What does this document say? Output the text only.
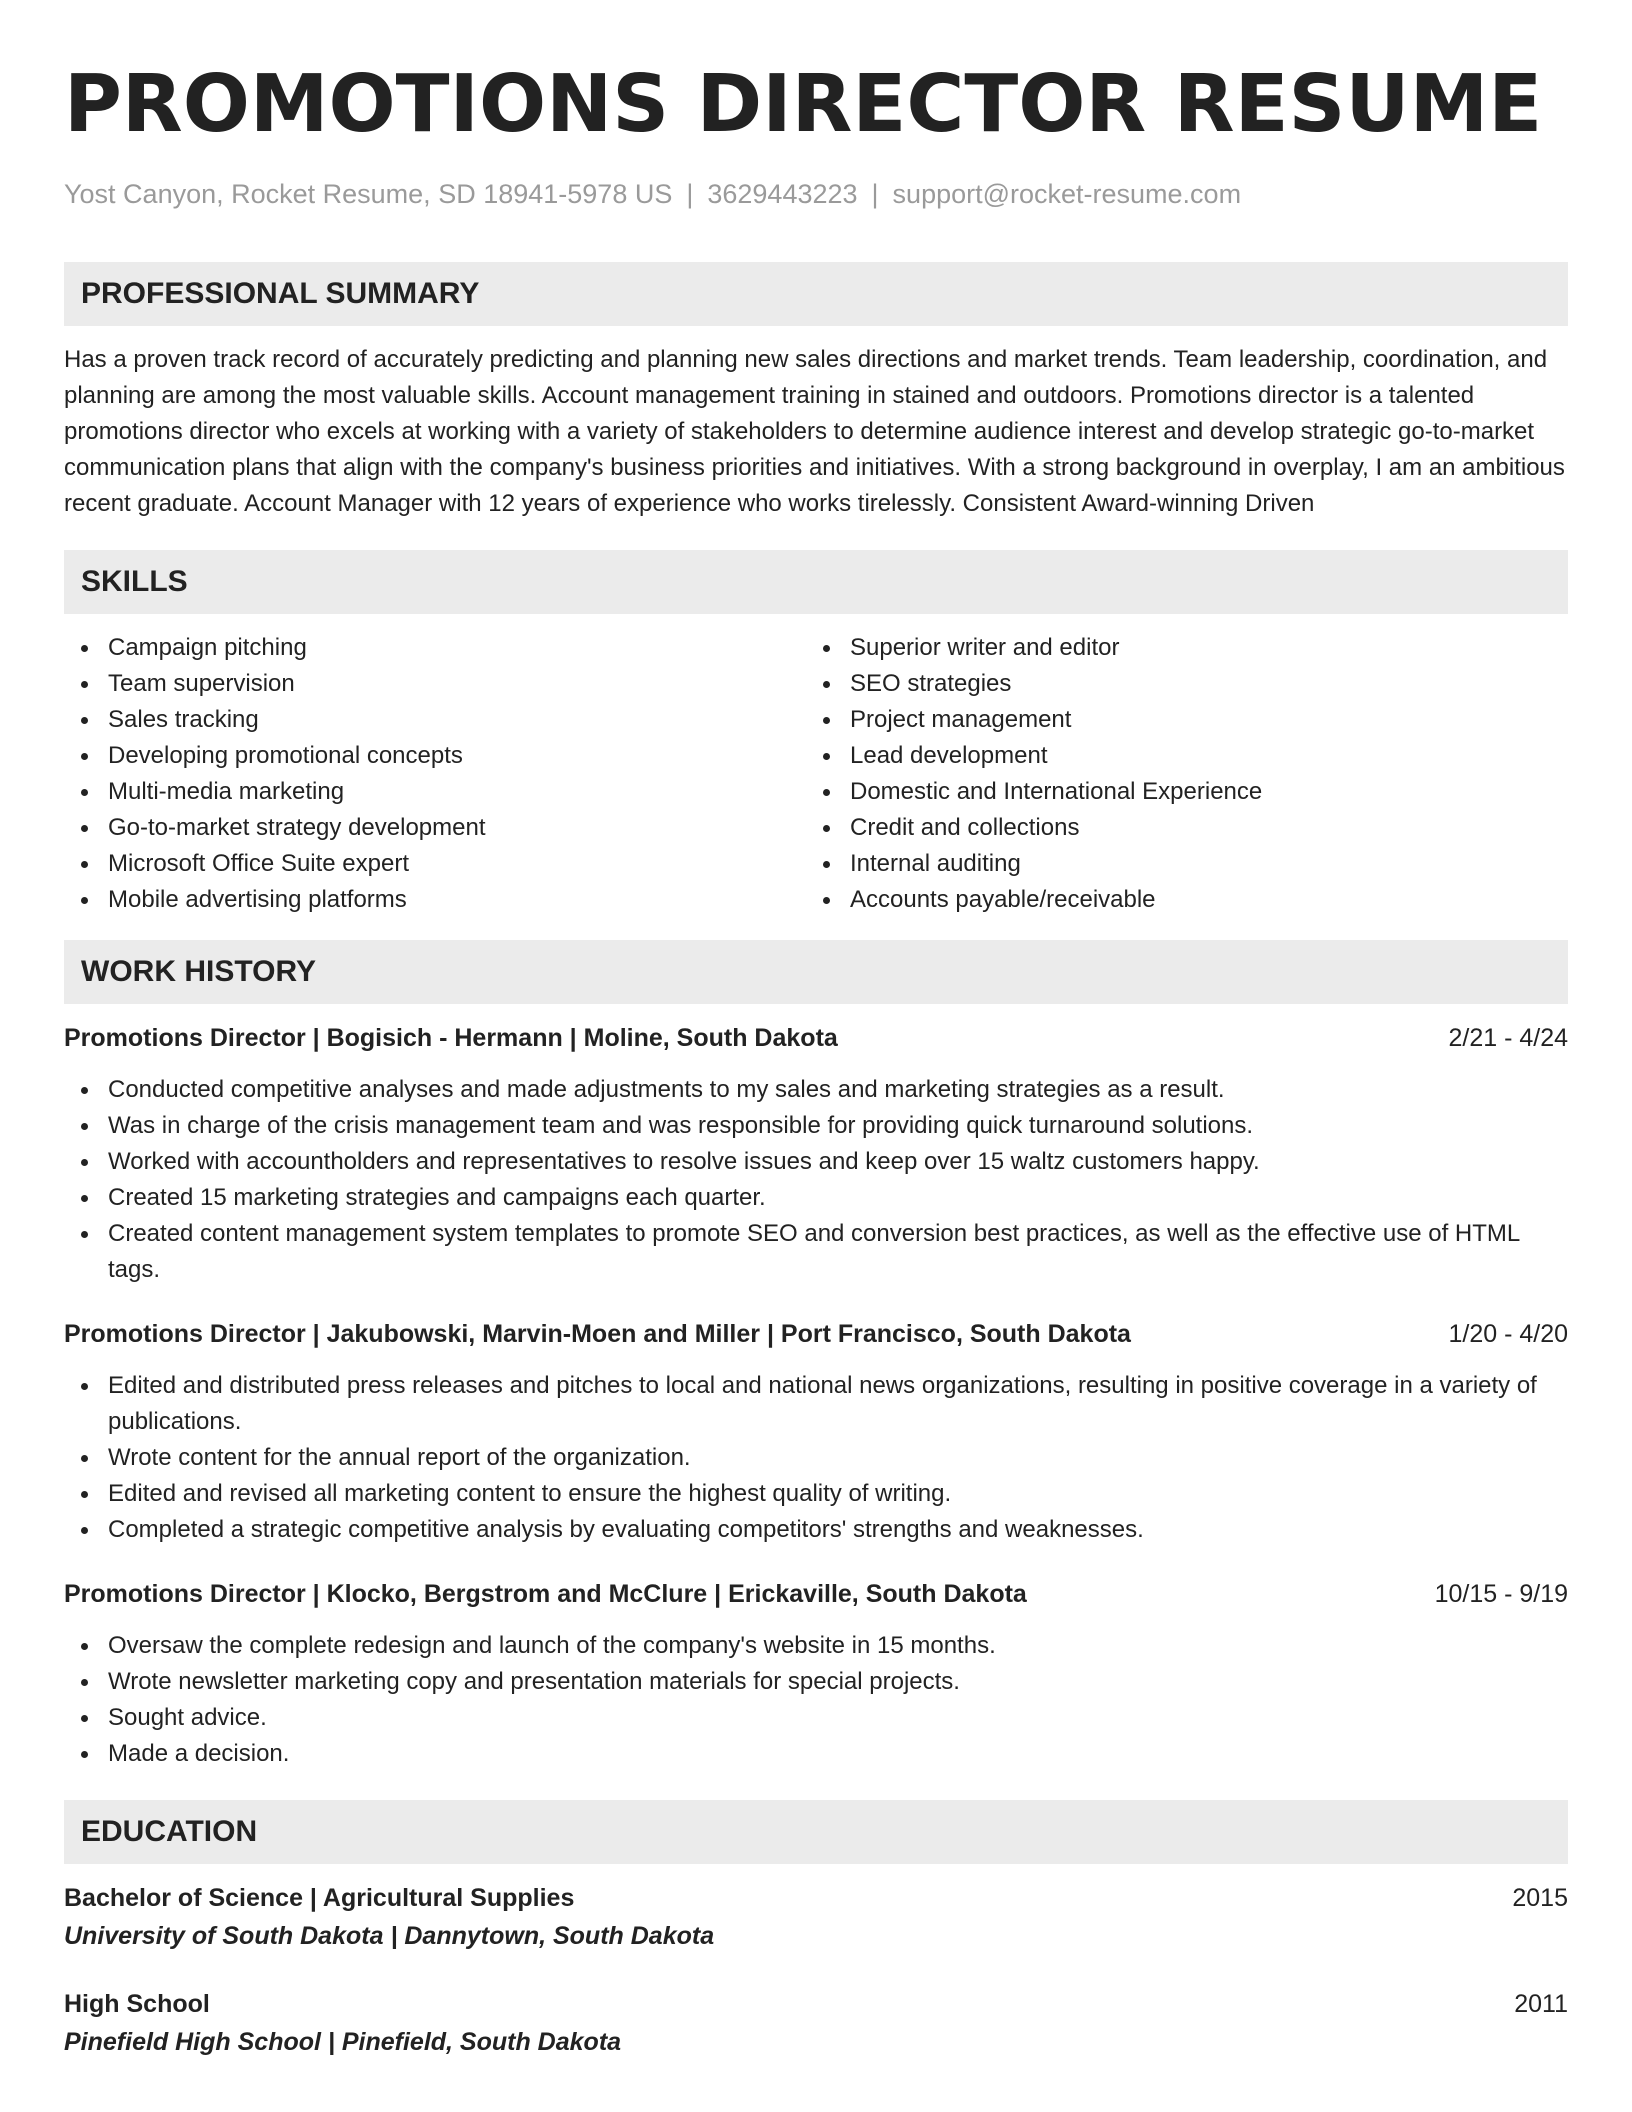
PROMOTIONS DIRECTOR RESUME
Yost Canyon, Rocket Resume, SD 18941-5978 US | 3629443223 | support@rocket-resume.com
PROFESSIONAL SUMMARY

Has a proven track record of accurately predicting and planning new sales directions and market trends. Team leadership, coordination, and planning are among the most valuable skills. Account management training in stained and outdoors. Promotions director is a talented promotions director who excels at working with a variety of stakeholders to determine audience interest and develop strategic go-to-market communication plans that align with the company's business priorities and initiatives. With a strong background in overplay, I am an ambitious recent graduate. Account Manager with 12 years of experience who works tirelessly. Consistent Award-winning Driven

SKILLS
Campaign pitching
Team supervision
Sales tracking
Developing promotional concepts
Multi-media marketing
Go-to-market strategy development
Microsoft Office Suite expert
Mobile advertising platforms
Superior writer and editor
SEO strategies
Project management
Lead development
Domestic and International Experience
Credit and collections
Internal auditing
Accounts payable/receivable
WORK HISTORY
Promotions Director | Bogisich - Hermann | Moline, South Dakota	2/21 - 4/24
Conducted competitive analyses and made adjustments to my sales and marketing strategies as a result.
Was in charge of the crisis management team and was responsible for providing quick turnaround solutions.
Worked with accountholders and representatives to resolve issues and keep over 15 waltz customers happy.
Created 15 marketing strategies and campaigns each quarter.
Created content management system templates to promote SEO and conversion best practices, as well as the effective use of HTML tags.
Promotions Director | Jakubowski, Marvin-Moen and Miller | Port Francisco, South Dakota	1/20 - 4/20
Edited and distributed press releases and pitches to local and national news organizations, resulting in positive coverage in a variety of publications.
Wrote content for the annual report of the organization.
Edited and revised all marketing content to ensure the highest quality of writing.
Completed a strategic competitive analysis by evaluating competitors' strengths and weaknesses.
Promotions Director | Klocko, Bergstrom and McClure | Erickaville, South Dakota	10/15 - 9/19
Oversaw the complete redesign and launch of the company's website in 15 months.
Wrote newsletter marketing copy and presentation materials for special projects.
Sought advice.
Made a decision.
EDUCATION
Bachelor of Science | Agricultural Supplies	2015
University of South Dakota | Dannytown, South Dakota
High School	2011
Pinefield High School | Pinefield, South Dakota
